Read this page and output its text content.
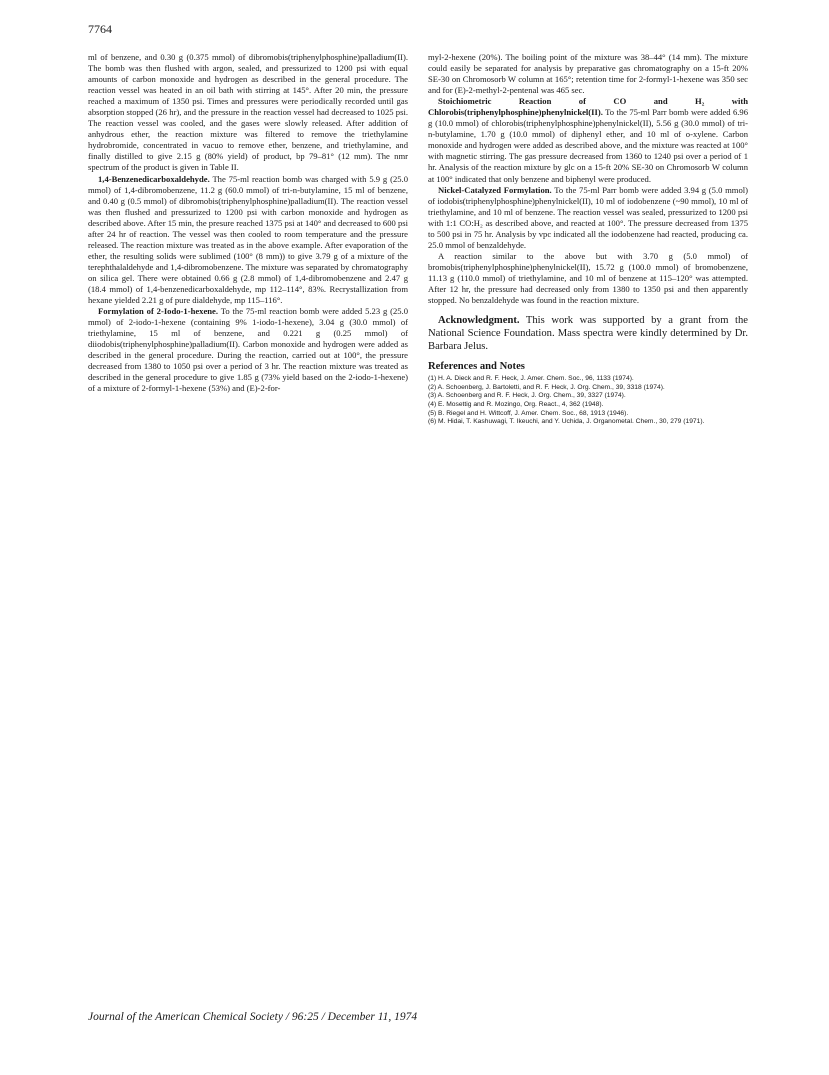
7764

ml of benzene, and 0.30 g (0.375 mmol) of dibromobis(triphenylphosphine)palladium(II). The bomb was then flushed with argon, sealed, and pressurized to 1200 psi with equal amounts of carbon monoxide and hydrogen as described in the general procedure. The reaction vessel was heated in an oil bath with stirring at 145°. After 20 min, the pressure reached a maximum of 1350 psi. Times and pressures were periodically recorded until gas absorption stopped (26 hr), and the pressure in the reaction vessel had decreased to 1025 psi. The reaction vessel was cooled, and the gases were slowly released. After addition of anhydrous ether, the reaction mixture was filtered to remove the triethylamine hydrobromide, concentrated in vacuo to remove ether, benzene, and triethylamine, and finally distilled to give 2.15 g (80% yield) of product, bp 79–81° (12 mm). The nmr spectrum of the product is given in Table II.

1,4-Benzenedicarboxaldehyde. The 75-ml reaction bomb was charged with 5.9 g (25.0 mmol) of 1,4-dibromobenzene, 11.2 g (60.0 mmol) of tri-n-butylamine, 15 ml of benzene, and 0.40 g (0.5 mmol) of dibromobis(triphenylphosphine)palladium(II). The reaction vessel was then flushed and pressurized to 1200 psi with carbon monoxide and hydrogen as described above. After 15 min, the presure reached 1375 psi at 140° and decreased to 600 psi after 24 hr of reaction. The vessel was then cooled to room temperature and the pressure released. The reaction mixture was treated as in the above example. After evaporation of the ether, the resulting solids were sublimed (100° (8 mm)) to give 3.79 g of a mixture of the terephthalaldehyde and 1,4-dibromobenzene. The mixture was separated by chromatography on silica gel. There were obtained 0.66 g (2.8 mmol) of 1,4-dibromobenzene and 2.47 g (18.4 mmol) of 1,4-benzenedicarboxaldehyde, mp 112–114°, 83%. Recrystallization from hexane yielded 2.21 g of pure dialdehyde, mp 115–116°.

Formylation of 2-Iodo-1-hexene. To the 75-ml reaction bomb were added 5.23 g (25.0 mmol) of 2-iodo-1-hexene (containing 9% 1-iodo-1-hexene), 3.04 g (30.0 mmol) of triethylamine, 15 ml of benzene, and 0.221 g (0.25 mmol) of diiodobis(triphenylphosphine)palladium(II). Carbon monoxide and hydrogen were added as described in the general procedure. During the reaction, carried out at 100°, the pressure decreased from 1380 to 1050 psi over a period of 3 hr. The reaction mixture was treated as described in the general procedure to give 1.85 g (73% yield based on the 2-iodo-1-hexene) of a mixture of 2-formyl-1-hexene (53%) and (E)-2-for-

myl-2-hexene (20%). The boiling point of the mixture was 38–44° (14 mm). The mixture could easily be separated for analysis by preparative gas chromatography on a 15-ft 20% SE-30 on Chromosorb W column at 165°; retention time for 2-formyl-1-hexene was 350 sec and for (E)-2-methyl-2-pentenal was 465 sec.

Stoichiometric Reaction of CO and H₂ with Chlorobis(triphenylphosphine)phenylnickel(II). To the 75-ml Parr bomb were added 6.96 g (10.0 mmol) of chlorobis(triphenylphosphine)phenylnickel(II), 5.56 g (30.0 mmol) of tri-n-butylamine, 1.70 g (10.0 mmol) of diphenyl ether, and 10 ml of o-xylene. Carbon monoxide and hydrogen were added as described above, and the mixture was reacted at 100° with magnetic stirring. The gas pressure decreased from 1360 to 1240 psi over a period of 1 hr. Analysis of the reaction mixture by glc on a 15-ft 20% SE-30 on Chromosorb W column at 100° indicated that only benzene and biphenyl were produced.

Nickel-Catalyzed Formylation. To the 75-ml Parr bomb were added 3.94 g (5.0 mmol) of iodobis(triphenylphosphine)phenylnickel(II), 10 ml of iodobenzene (~90 mmol), 10 ml of triethylamine, and 10 ml of benzene. The reaction vessel was sealed, pressurized to 1200 psi with 1:1 CO:H₂ as described above, and reacted at 100°. The pressure decreased from 1375 to 500 psi in 75 hr. Analysis by vpc indicated all the iodobenzene had reacted, producing ca. 25.0 mmol of benzaldehyde.

A reaction similar to the above but with 3.70 g (5.0 mmol) of bromobis(triphenylphosphine)phenylnickel(II), 15.72 g (100.0 mmol) of bromobenzene, 11.13 g (110.0 mmol) of triethylamine, and 10 ml of benzene at 115–120° was attempted. After 12 hr, the pressure had decreased only from 1380 to 1350 psi and then apparently stopped. No benzaldehyde was found in the reaction mixture.

Acknowledgment. This work was supported by a grant from the National Science Foundation. Mass spectra were kindly determined by Dr. Barbara Jelus.

References and Notes

(1) H. A. Dieck and R. F. Heck, J. Amer. Chem. Soc., 96, 1133 (1974).
(2) A. Schoenberg, J. Bartoletti, and R. F. Heck, J. Org. Chem., 39, 3318 (1974).
(3) A. Schoenberg and R. F. Heck, J. Org. Chem., 39, 3327 (1974).
(4) E. Mosettig and R. Mozingo, Org. React., 4, 362 (1948).
(5) B. Riegel and H. Wittcoff, J. Amer. Chem. Soc., 68, 1913 (1946).
(6) M. Hidai, T. Kashuwagi, T. Ikeuchi, and Y. Uchida, J. Organometal. Chem., 30, 279 (1971).
Journal of the American Chemical Society / 96:25 / December 11, 1974
